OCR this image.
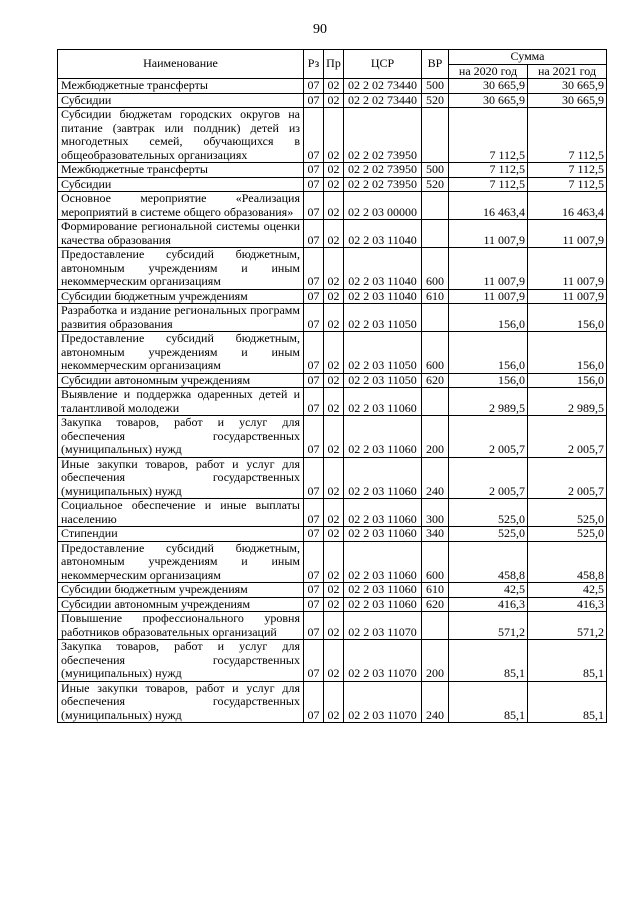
90
Наименование	Рз	Пр	ЦСР	ВР	Сумма	
					на 2020 год	на 2021 год
Межбюджетные трансферты	07	02	02 2 02 73440	500	30 665,9	30 665,9
Субсидии	07	02	02 2 02 73440	520	30 665,9	30 665,9
Субсидии бюджетам городских округов на питание (завтрак или полдник) детей из многодетных семей, обучающихся в общеобразовательных организациях	07	02	02 2 02 73950		7 112,5	7 112,5
Межбюджетные трансферты	07	02	02 2 02 73950	500	7 112,5	7 112,5
Субсидии	07	02	02 2 02 73950	520	7 112,5	7 112,5
Основное мероприятие «Реализация мероприятий в системе общего образования»	07	02	02 2 03 00000		16 463,4	16 463,4
Формирование региональной системы оценки качества образования	07	02	02 2 03 11040		11 007,9	11 007,9
Предоставление субсидий бюджетным, автономным учреждениям и иным некоммерческим организациям	07	02	02 2 03 11040	600	11 007,9	11 007,9
Субсидии бюджетным учреждениям	07	02	02 2 03 11040	610	11 007,9	11 007,9
Разработка и издание региональных программ развития образования	07	02	02 2 03 11050		156,0	156,0
Предоставление субсидий бюджетным, автономным учреждениям и иным некоммерческим организациям	07	02	02 2 03 11050	600	156,0	156,0
Субсидии автономным учреждениям	07	02	02 2 03 11050	620	156,0	156,0
Выявление и поддержка одаренных детей и талантливой молодежи	07	02	02 2 03 11060		2 989,5	2 989,5
Закупка товаров, работ и услуг для обеспечения государственных (муниципальных) нужд	07	02	02 2 03 11060	200	2 005,7	2 005,7
Иные закупки товаров, работ и услуг для обеспечения государственных (муниципальных) нужд	07	02	02 2 03 11060	240	2 005,7	2 005,7
Социальное обеспечение и иные выплаты населению	07	02	02 2 03 11060	300	525,0	525,0
Стипендии	07	02	02 2 03 11060	340	525,0	525,0
Предоставление субсидий бюджетным, автономным учреждениям и иным некоммерческим организациям	07	02	02 2 03 11060	600	458,8	458,8
Субсидии бюджетным учреждениям	07	02	02 2 03 11060	610	42,5	42,5
Субсидии автономным учреждениям	07	02	02 2 03 11060	620	416,3	416,3
Повышение профессионального уровня работников образовательных организаций	07	02	02 2 03 11070		571,2	571,2
Закупка товаров, работ и услуг для обеспечения государственных (муниципальных) нужд	07	02	02 2 03 11070	200	85,1	85,1
Иные закупки товаров, работ и услуг для обеспечения государственных (муниципальных) нужд	07	02	02 2 03 11070	240	85,1	85,1
